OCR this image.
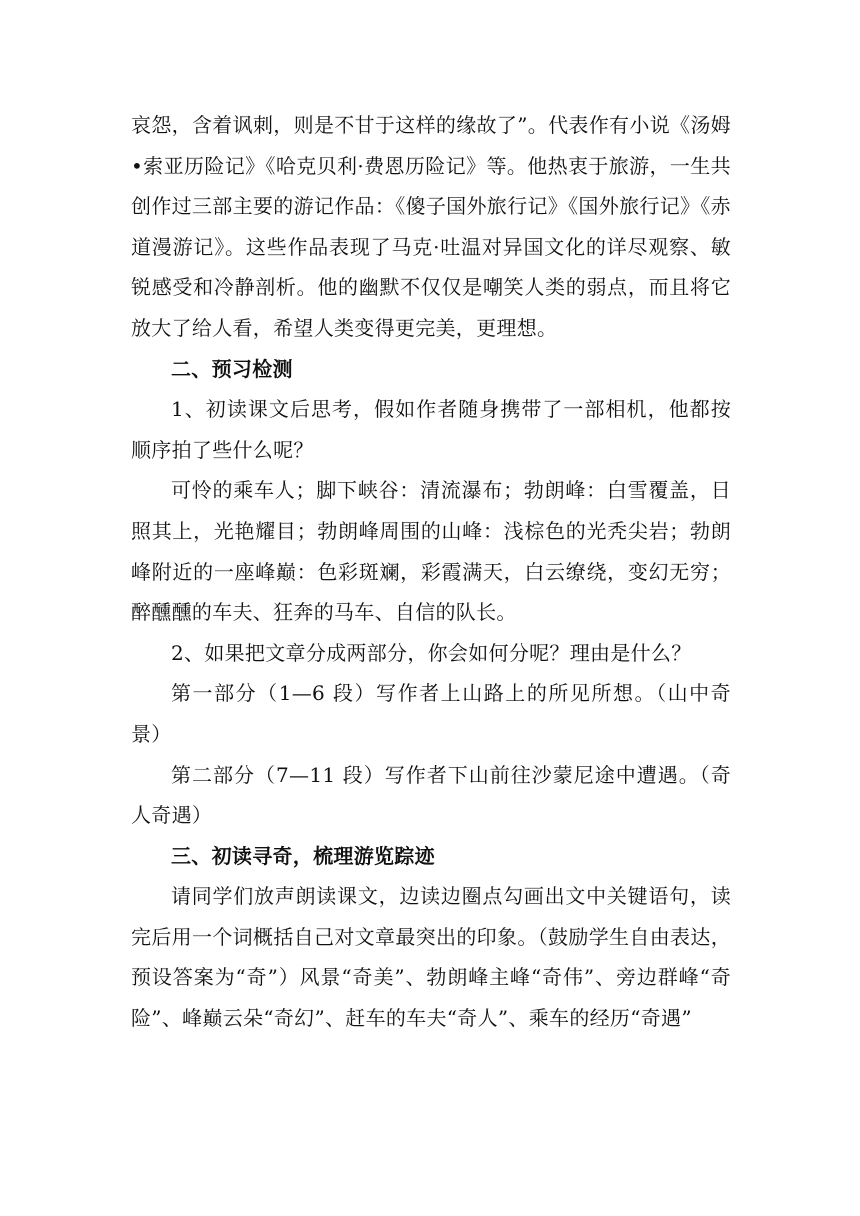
哀怨，含着讽刺，则是不甘于这样的缘故了”。代表作有小说《汤姆•索亚历险记》《哈克贝利·费恩历险记》等。他热衷于旅游，一生共创作过三部主要的游记作品：《傻子国外旅行记》《国外旅行记》《赤道漫游记》。这些作品表现了马克·吐温对异国文化的详尽观察、敏锐感受和冷静剖析。他的幽默不仅仅是嘲笑人类的弱点，而且将它放大了给人看，希望人类变得更完美，更理想。

二、预习检测

1、初读课文后思考，假如作者随身携带了一部相机，他都按顺序拍了些什么呢？

可怜的乘车人；脚下峡谷：清流瀑布；勃朗峰：白雪覆盖，日照其上，光艳耀目；勃朗峰周围的山峰：浅棕色的光秃尖岩；勃朗峰附近的一座峰巅：色彩斑斓，彩霞满天，白云缭绕，变幻无穷；醉醺醺的车夫、狂奔的马车、自信的队长。

2、如果把文章分成两部分，你会如何分呢？理由是什么？

第一部分（1—6 段）写作者上山路上的所见所想。（山中奇景）

第二部分（7—11 段）写作者下山前往沙蒙尼途中遭遇。（奇人奇遇）

三、初读寻奇，梳理游览踪迹

请同学们放声朗读课文，边读边圈点勾画出文中关键语句，读完后用一个词概括自己对文章最突出的印象。（鼓励学生自由表达，预设答案为“奇”）风景“奇美”、勃朗峰主峰“奇伟”、旁边群峰“奇险”、峰巅云朵“奇幻”、赶车的车夫“奇人”、乘车的经历“奇遇”
